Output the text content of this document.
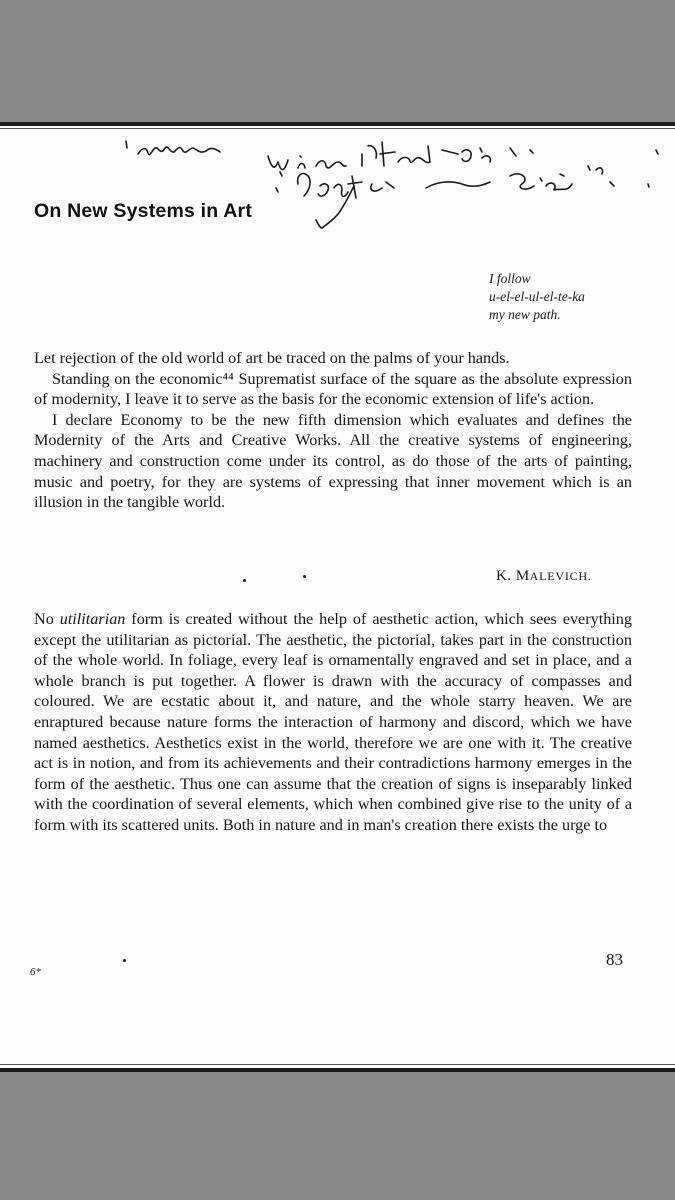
On New Systems in Art
I follow
u-el-el-ul-el-te-ka
my new path.

Let rejection of the old world of art be traced on the palms of your hands.

Standing on the economic⁴⁴ Suprematist surface of the square as the absolute expression of modernity, I leave it to serve as the basis for the economic extension of life's action.

I declare Economy to be the new fifth dimension which evaluates and defines the Modernity of the Arts and Creative Works. All the creative systems of engineering, machinery and construction come under its control, as do those of the arts of painting, music and poetry, for they are systems of expressing that inner movement which is an illusion in the tangible world.

K. MALEVICH.

No utilitarian form is created without the help of aesthetic action, which sees everything except the utilitarian as pictorial. The aesthetic, the pictorial, takes part in the construction of the whole world. In foliage, every leaf is ornamentally engraved and set in place, and a whole branch is put together. A flower is drawn with the accuracy of compasses and coloured. We are ecstatic about it, and nature, and the whole starry heaven. We are enraptured because nature forms the interaction of harmony and discord, which we have named aesthetics. Aesthetics exist in the world, therefore we are one with it. The creative act is in notion, and from its achievements and their contradictions harmony emerges in the form of the aesthetic. Thus one can assume that the creation of signs is inseparably linked with the coordination of several elements, which when combined give rise to the unity of a form with its scattered units. Both in nature and in man's creation there exists the urge to

83
6*
